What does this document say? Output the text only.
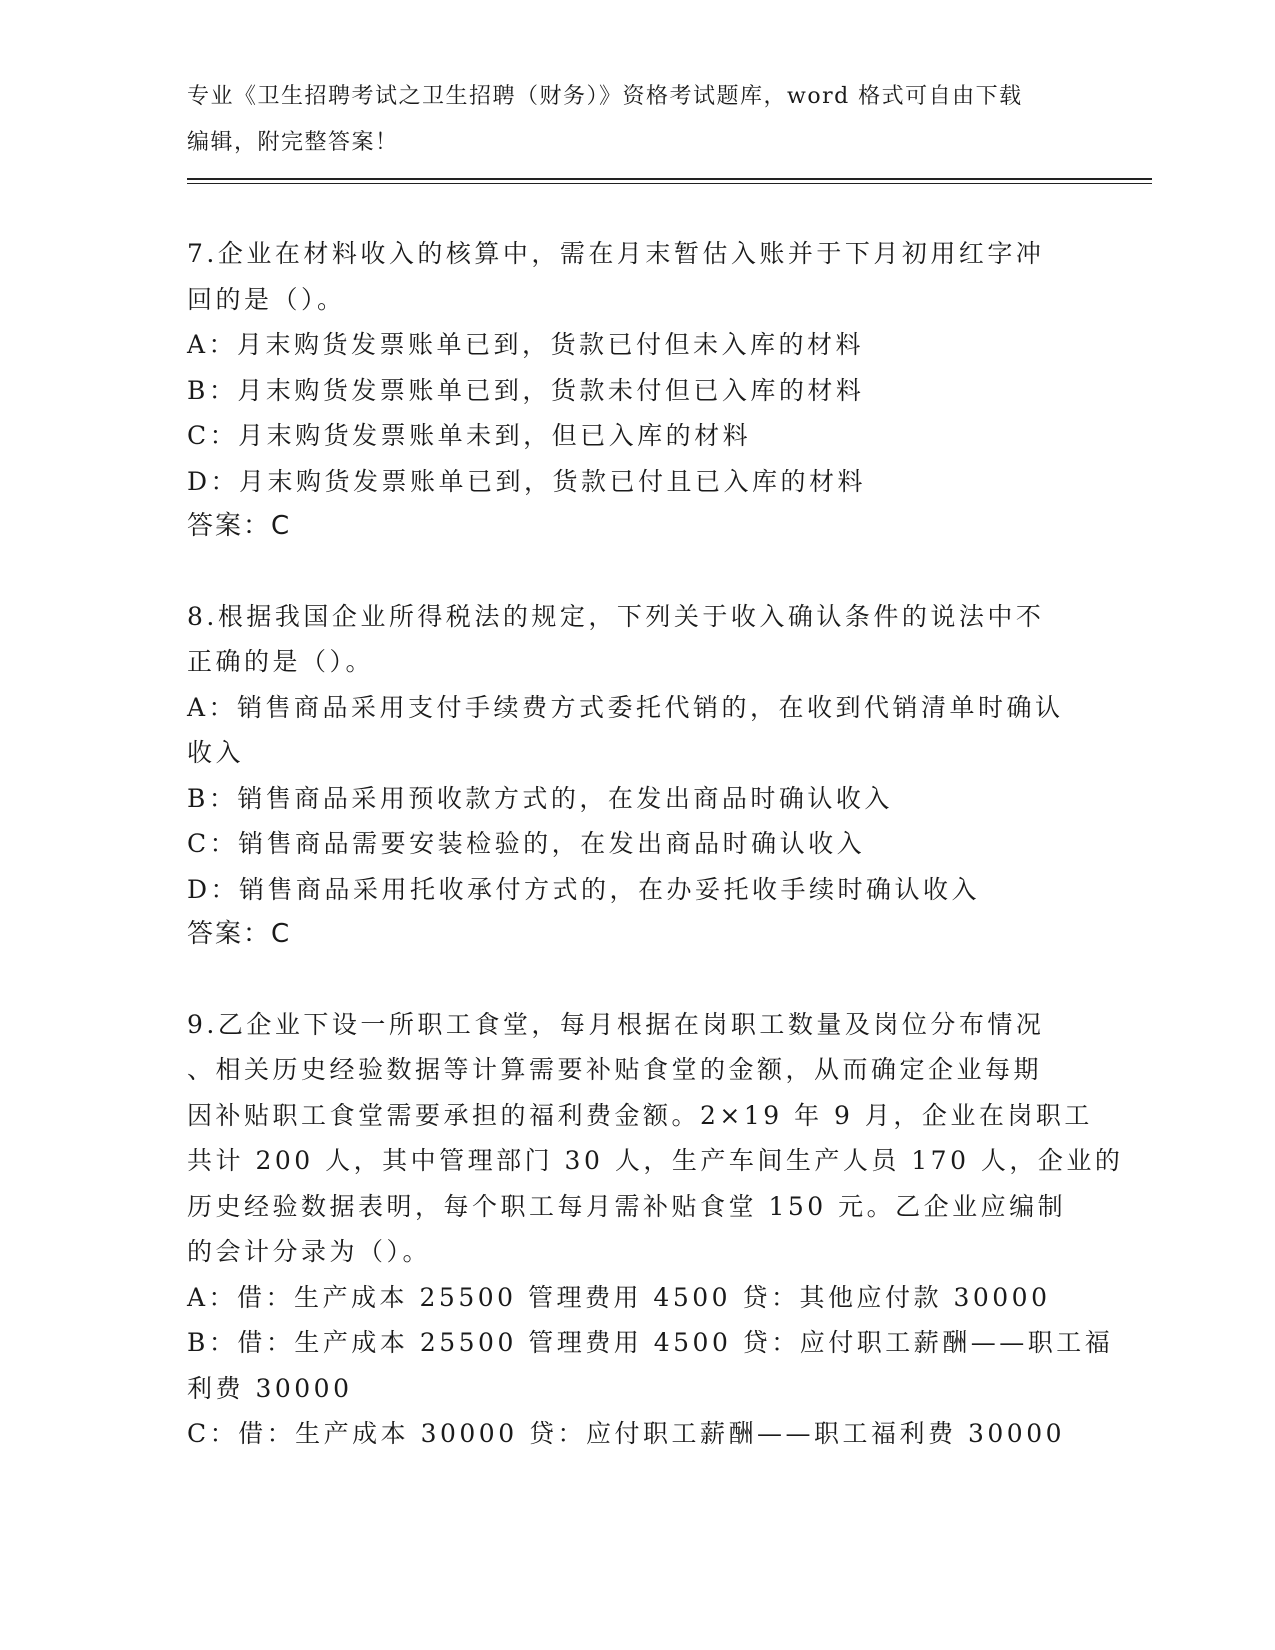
专业《卫生招聘考试之卫生招聘（财务）》资格考试题库，word 格式可自由下载
编辑，附完整答案！
7.企业在材料收入的核算中，需在月末暂估入账并于下月初用红字冲
回的是（）。
A：月末购货发票账单已到，货款已付但未入库的材料
B：月末购货发票账单已到，货款未付但已入库的材料
C：月末购货发票账单未到，但已入库的材料
D：月末购货发票账单已到，货款已付且已入库的材料
答案：C
8.根据我国企业所得税法的规定，下列关于收入确认条件的说法中不
正确的是（）。
A：销售商品采用支付手续费方式委托代销的，在收到代销清单时确认
收入
B：销售商品采用预收款方式的，在发出商品时确认收入
C：销售商品需要安装检验的，在发出商品时确认收入
D：销售商品采用托收承付方式的，在办妥托收手续时确认收入
答案：C
9.乙企业下设一所职工食堂，每月根据在岗职工数量及岗位分布情况
、相关历史经验数据等计算需要补贴食堂的金额，从而确定企业每期
因补贴职工食堂需要承担的福利费金额。2×19 年 9 月，企业在岗职工
共计 200 人，其中管理部门 30 人，生产车间生产人员 170 人，企业的
历史经验数据表明，每个职工每月需补贴食堂 150 元。乙企业应编制
的会计分录为（）。
A：借：生产成本 25500 管理费用 4500 贷：其他应付款 30000
B：借：生产成本 25500 管理费用 4500 贷：应付职工薪酬——职工福
利费 30000
C：借：生产成本 30000 贷：应付职工薪酬——职工福利费 30000
